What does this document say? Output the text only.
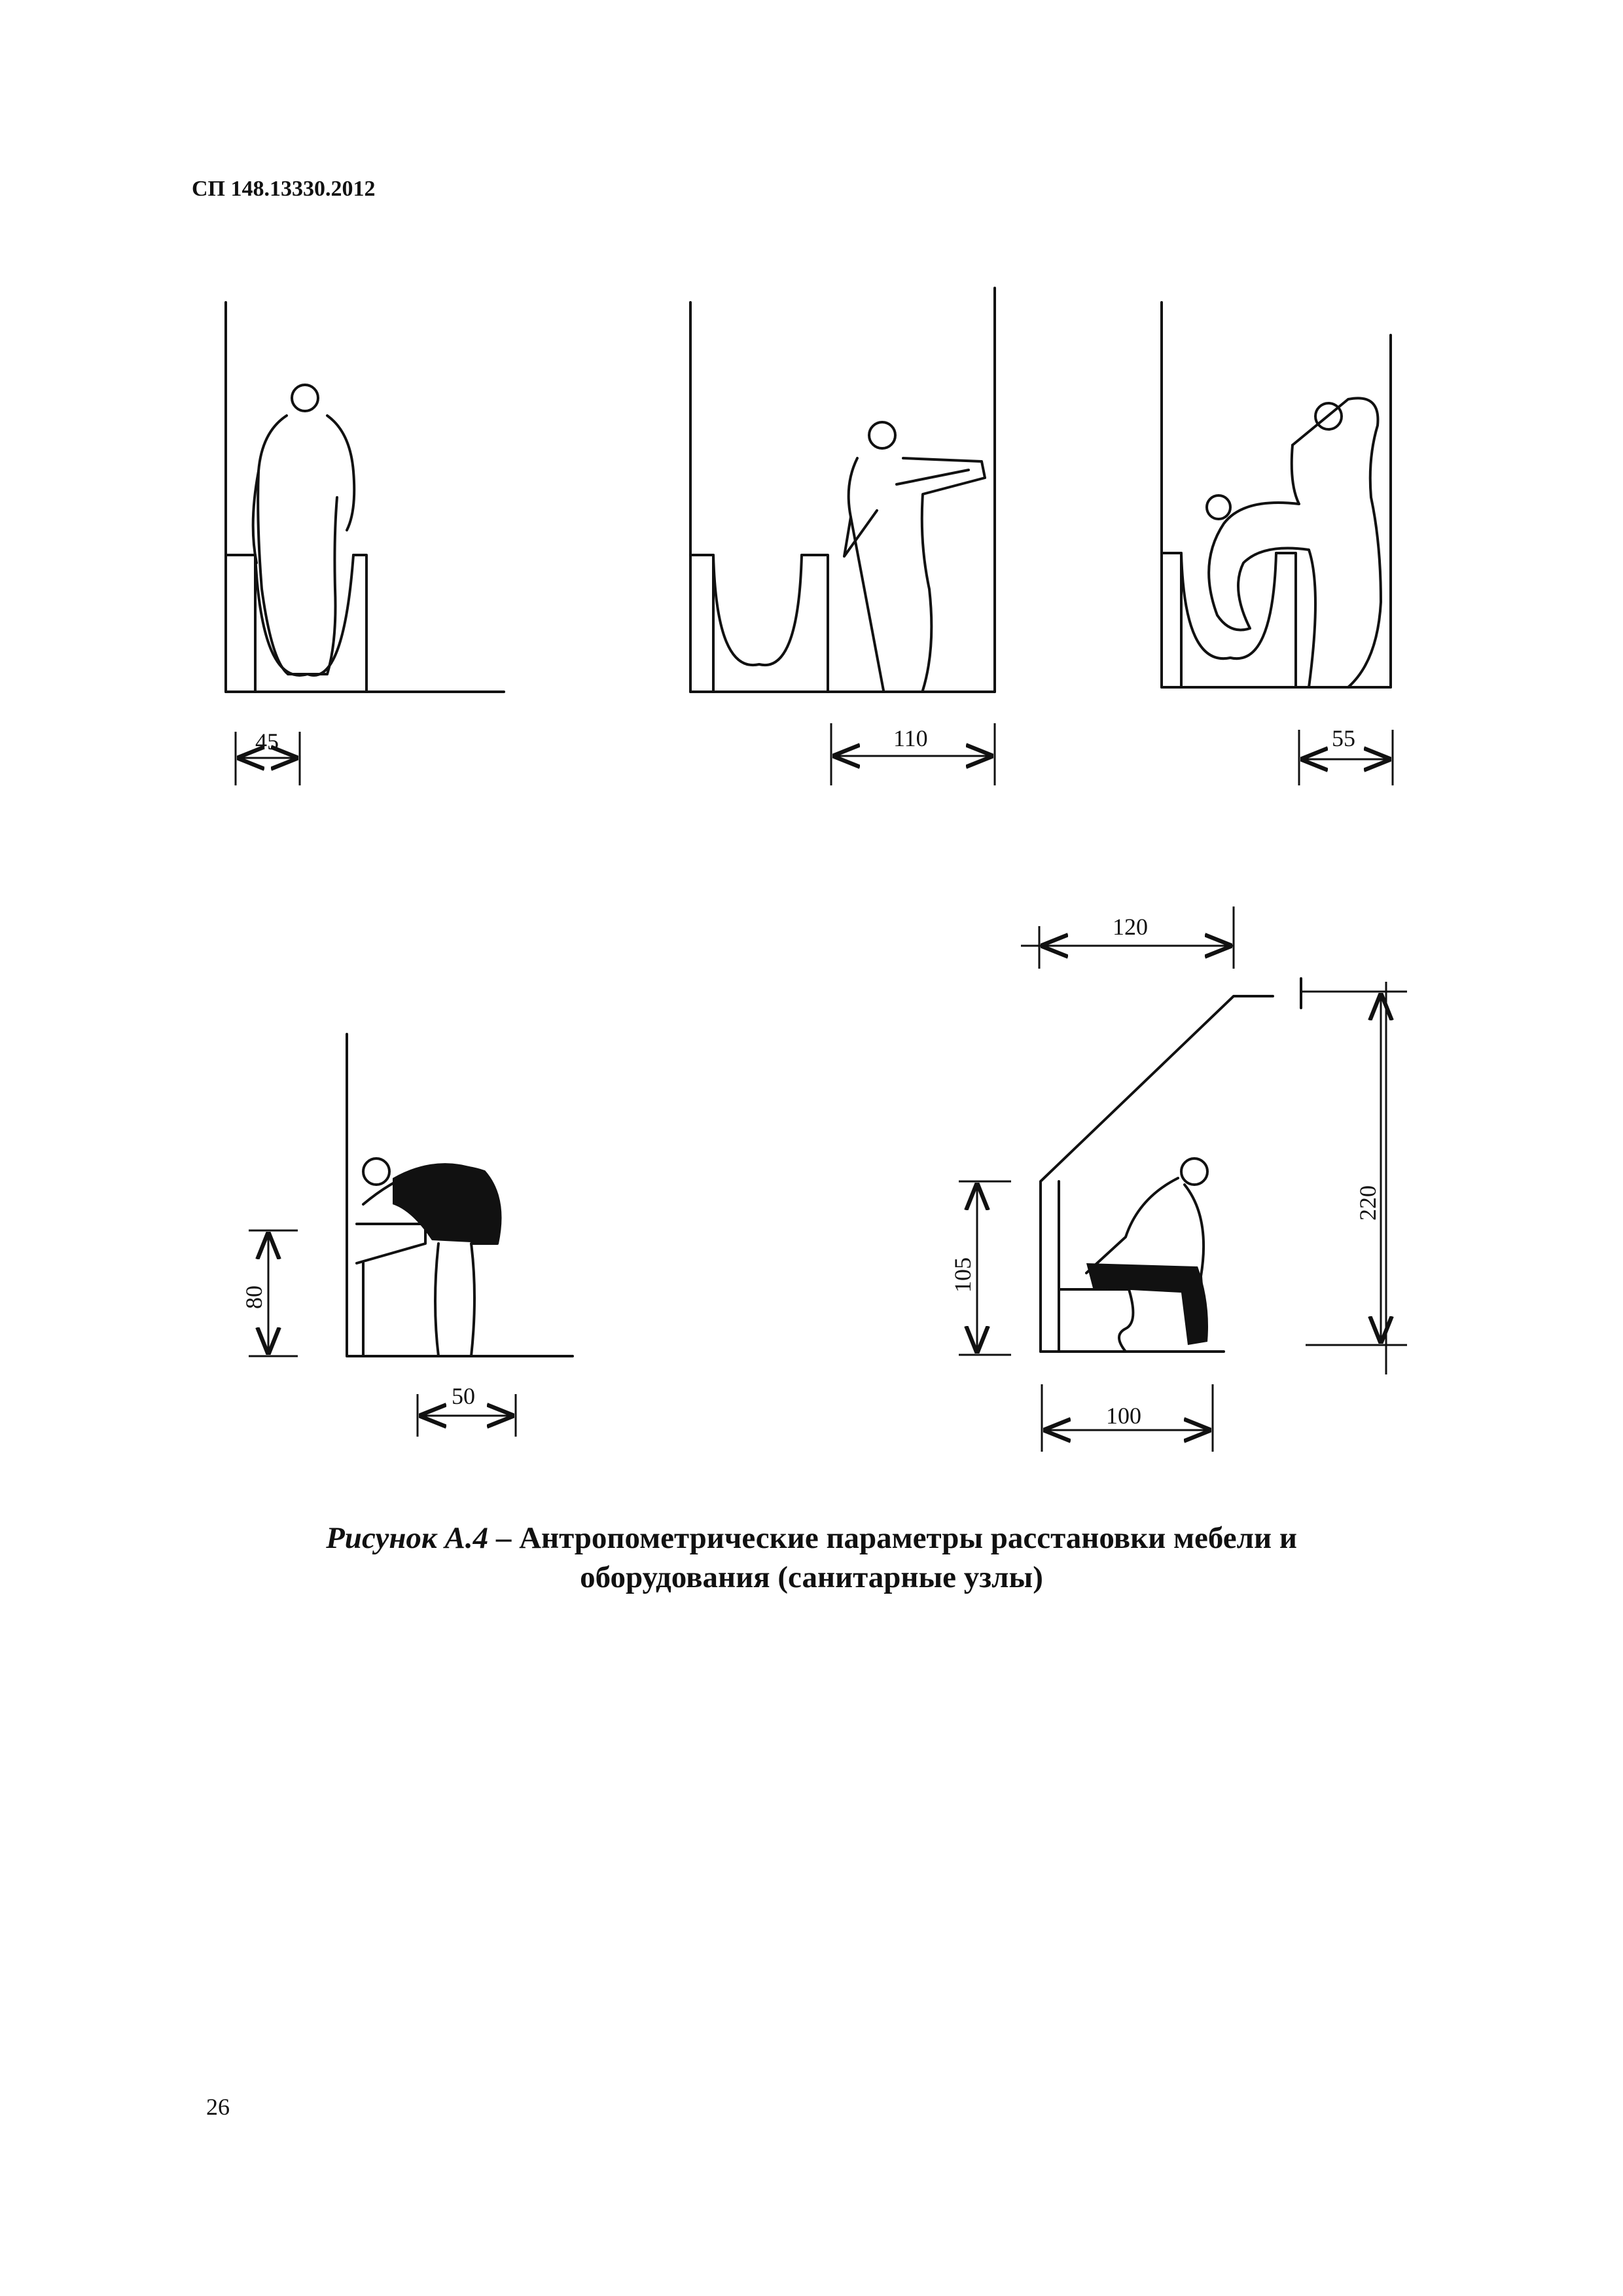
СП 148.13330.2012
45	110	55
80
50
120
105
100
220
Рисунок А.4 – Антропометрические параметры расстановки мебели и
оборудования (санитарные узлы)
26
